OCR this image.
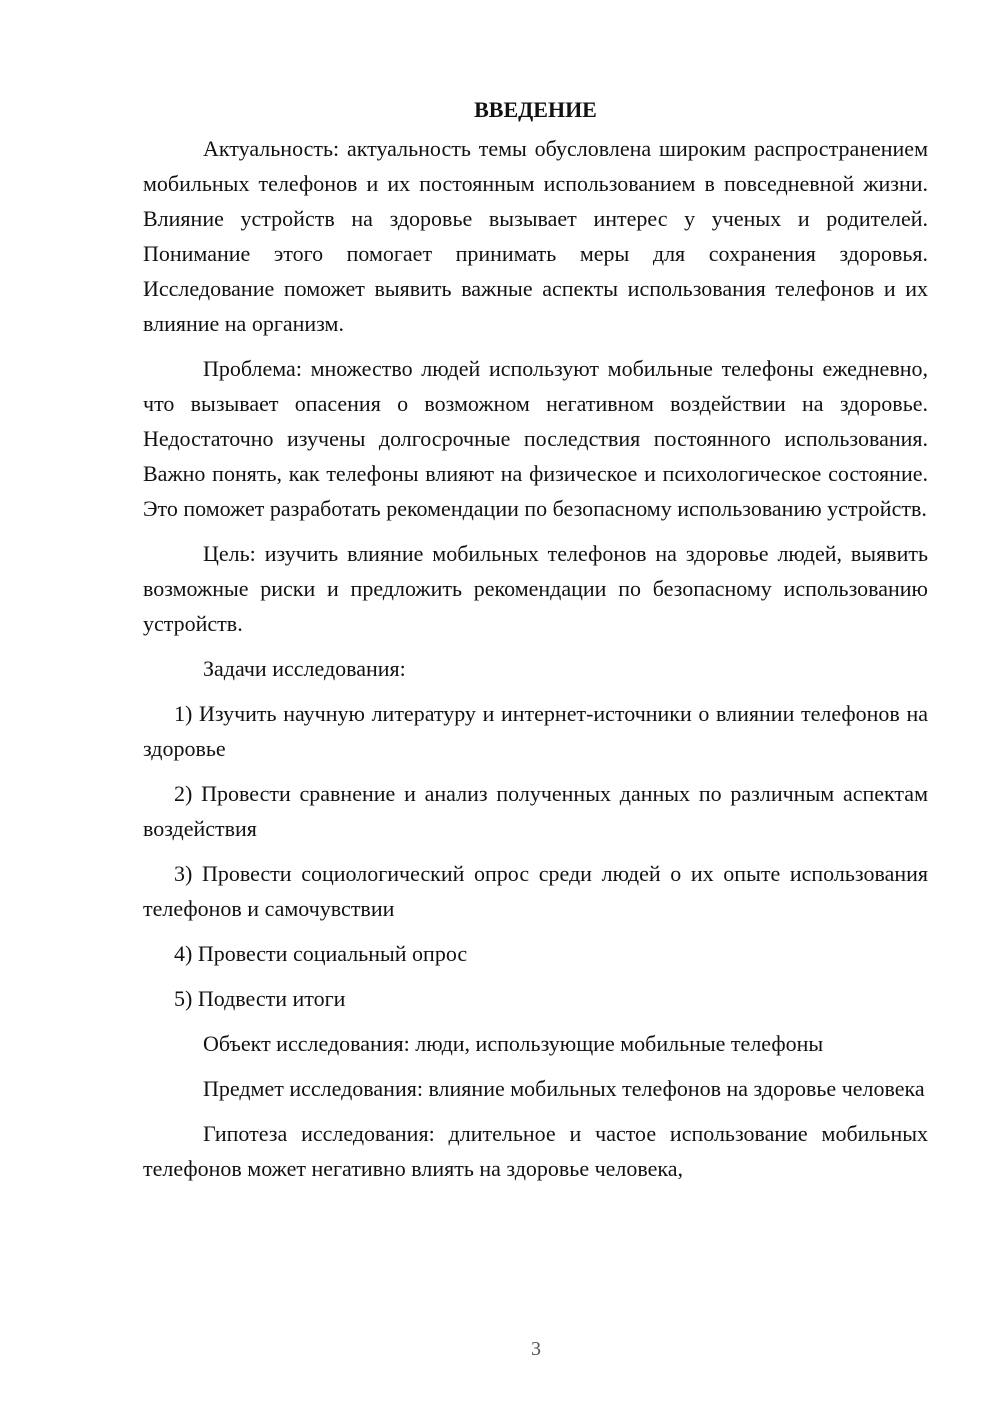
ВВЕДЕНИЕ

Актуальность: актуальность темы обусловлена широким распространением мобильных телефонов и их постоянным использованием в повседневной жизни. Влияние устройств на здоровье вызывает интерес у ученых и родителей. Понимание этого помогает принимать меры для сохранения здоровья. Исследование поможет выявить важные аспекты использования телефонов и их влияние на организм.

Проблема: множество людей используют мобильные телефоны ежедневно, что вызывает опасения о возможном негативном воздействии на здоровье. Недостаточно изучены долгосрочные последствия постоянного использования. Важно понять, как телефоны влияют на физическое и психологическое состояние. Это поможет разработать рекомендации по безопасному использованию устройств.

Цель: изучить влияние мобильных телефонов на здоровье людей, выявить возможные риски и предложить рекомендации по безопасному использованию устройств.

Задачи исследования:

1) Изучить научную литературу и интернет-источники о влиянии телефонов на здоровье

2) Провести сравнение и анализ полученных данных по различным аспектам воздействия

3) Провести социологический опрос среди людей о их опыте использования телефонов и самочувствии

4) Провести социальный опрос

5) Подвести итоги

Объект исследования: люди, использующие мобильные телефоны

Предмет исследования: влияние мобильных телефонов на здоровье человека

Гипотеза исследования: длительное и частое использование мобильных телефонов может негативно влиять на здоровье человека,

3
